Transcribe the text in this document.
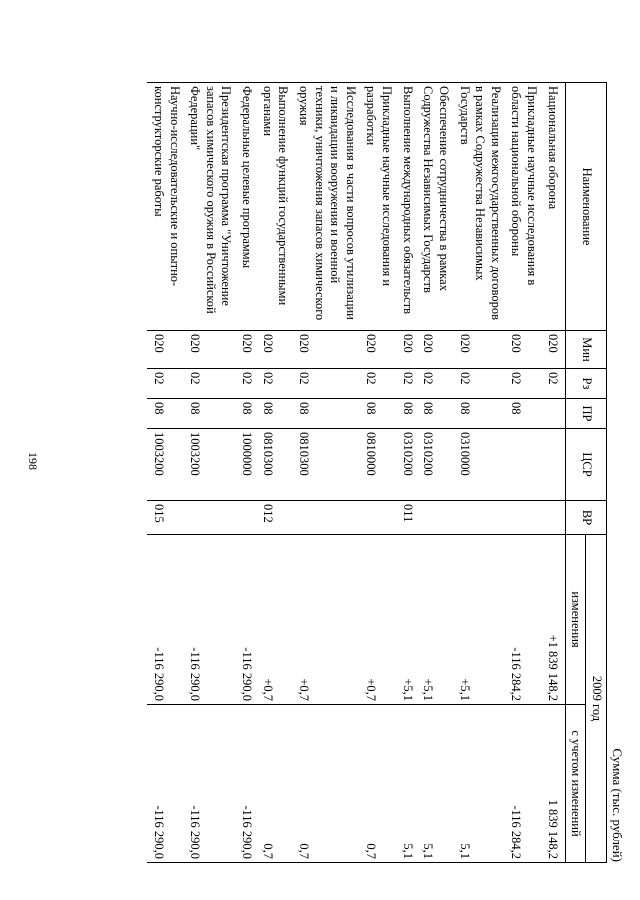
198
Сумма (тыс. рублей)
Наименование	Мин	Рз	ПР	ЦСР	ВР	2009 год	
						изменения	с учетом изменений

Национальная оборона	020	02				+1 839 148,2	1 839 148,2
Прикладные научные исследования в области национальной обороны	020	02	08			-116 284,2	-116 284,2
Реализация межгосударственных договоров в рамках Содружества Независимых Государств	020	02	08	0310000		+5,1	5,1
Обеспечение сотрудничества в рамках Содружества Независимых Государств	020	02	08	0310200		+5,1	5,1
Выполнение международных обязательств	020	02	08	0310200	011	+5,1	5,1
Прикладные научные исследования и разработки	020	02	08	0810000		+0,7	0,7
Исследования в части вопросов утилизации и ликвидации вооружения и военной техники, уничтожения запасов химического оружия	020	02	08	0810300		+0,7	0,7
Выполнение функций государственными органами	020	02	08	0810300	012	+0,7	0,7
Федеральные целевые программы	020	02	08	1000000		-116 290,0	-116 290,0
Президентская программа "Уничтожение запасов химического оружия в Российской Федерации"	020	02	08	1003200		-116 290,0	-116 290,0
Научно-исследовательские и опытно-конструкторские работы	020	02	08	1003200	015	-116 290,0	-116 290,0
